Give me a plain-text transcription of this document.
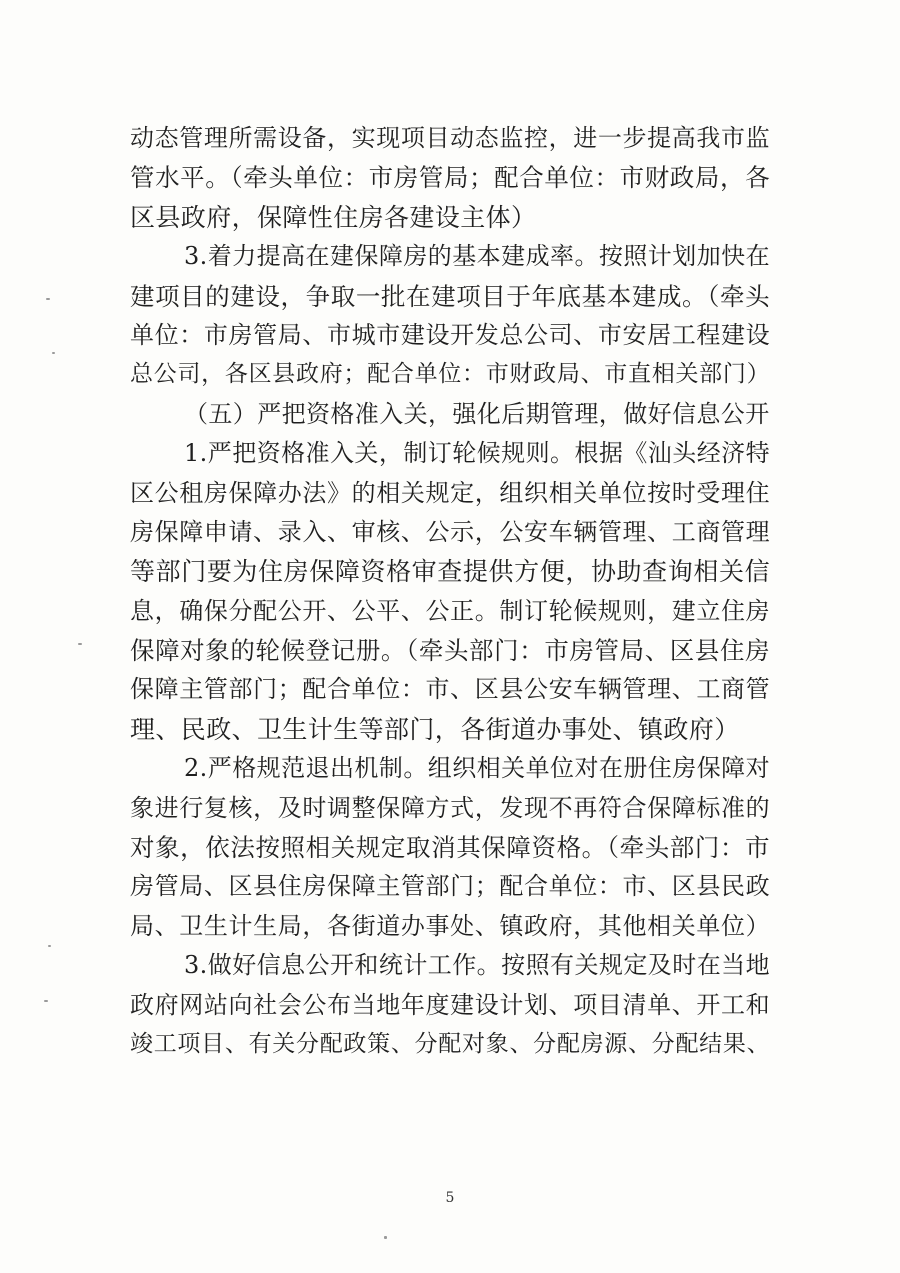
动态管理所需设备，实现项目动态监控，进一步提高我市监
管水平。（牵头单位：市房管局；配合单位：市财政局，各
区县政府，保障性住房各建设主体）
3.着力提高在建保障房的基本建成率。按照计划加快在
建项目的建设，争取一批在建项目于年底基本建成。（牵头
单位：市房管局、市城市建设开发总公司、市安居工程建设
总公司，各区县政府；配合单位：市财政局、市直相关部门）
（五）严把资格准入关，强化后期管理，做好信息公开
1.严把资格准入关，制订轮候规则。根据《汕头经济特
区公租房保障办法》的相关规定，组织相关单位按时受理住
房保障申请、录入、审核、公示，公安车辆管理、工商管理
等部门要为住房保障资格审查提供方便，协助查询相关信
息，确保分配公开、公平、公正。制订轮候规则，建立住房
保障对象的轮候登记册。（牵头部门：市房管局、区县住房
保障主管部门；配合单位：市、区县公安车辆管理、工商管
理、民政、卫生计生等部门，各街道办事处、镇政府）
2.严格规范退出机制。组织相关单位对在册住房保障对
象进行复核，及时调整保障方式，发现不再符合保障标准的
对象，依法按照相关规定取消其保障资格。（牵头部门：市
房管局、区县住房保障主管部门；配合单位：市、区县民政
局、卫生计生局，各街道办事处、镇政府，其他相关单位）
3.做好信息公开和统计工作。按照有关规定及时在当地
政府网站向社会公布当地年度建设计划、项目清单、开工和
竣工项目、有关分配政策、分配对象、分配房源、分配结果、
5
